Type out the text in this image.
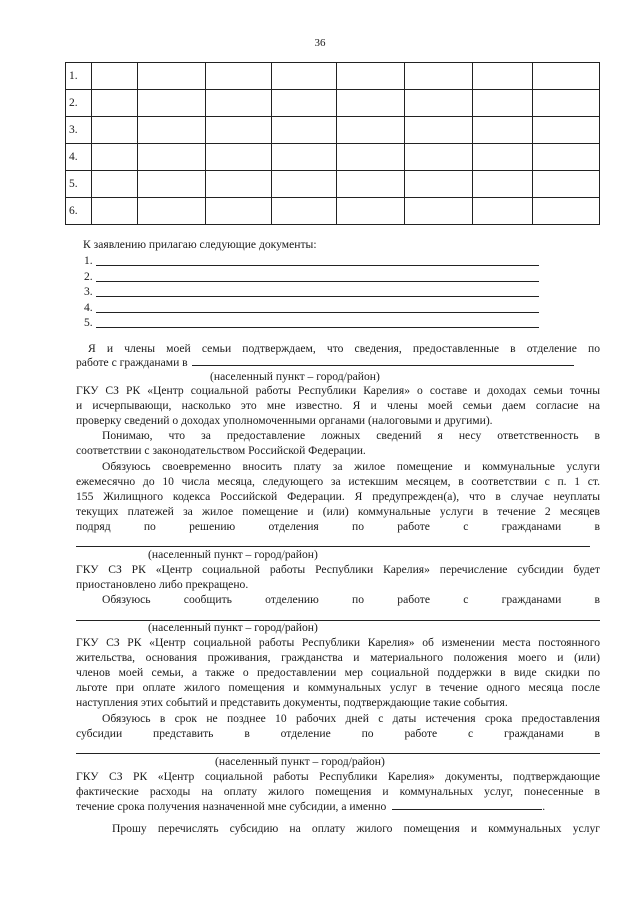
36
1.								
2.								
3.								
4.								
5.								
6.								
К заявлению прилагаю следующие документы:
1.
2.
3.
4.
5.
Я и члены моей семьи подтверждаем, что сведения, предоставленные в отделение по
работе с гражданами в
(населенный пункт – город/район)
ГКУ СЗ РК «Центр социальной работы Республики Карелия» о составе и доходах семьи точны
и исчерпывающи, насколько это мне известно. Я и члены моей семьи даем согласие на
проверку сведений о доходах уполномоченными органами (налоговыми и другими).
Понимаю, что за предоставление ложных сведений я несу ответственность в
соответствии с законодательством Российской Федерации.
Обязуюсь своевременно вносить плату за жилое помещение и коммунальные услуги
ежемесячно до 10 числа месяца, следующего за истекшим месяцем, в соответствии с п. 1 ст.
155 Жилищного кодекса Российской Федерации. Я предупрежден(а), что в случае неуплаты
текущих платежей за жилое помещение и (или) коммунальные услуги в течение 2 месяцев
подряд по решению отделения по работе с гражданами в
(населенный пункт – город/район)
ГКУ СЗ РК «Центр социальной работы Республики Карелия» перечисление субсидии будет
приостановлено либо прекращено.
Обязуюсь сообщить отделению по работе с гражданами в
(населенный пункт – город/район)
ГКУ СЗ РК «Центр социальной работы Республики Карелия» об изменении места постоянного
жительства, основания проживания, гражданства и материального положения моего и (или)
членов моей семьи, а также о предоставлении мер социальной поддержки в виде скидки по
льготе при оплате жилого помещения и коммунальных услуг в течение одного месяца после
наступления этих событий и представить документы, подтверждающие такие события.
Обязуюсь в срок не позднее 10 рабочих дней с даты истечения срока предоставления
субсидии представить в отделение по работе с гражданами в
(населенный пункт – город/район)
ГКУ СЗ РК «Центр социальной работы Республики Карелия» документы, подтверждающие
фактические расходы на оплату жилого помещения и коммунальных услуг, понесенные в
течение срока получения назначенной мне субсидии, а именно	.
Прошу перечислять субсидию на оплату жилого помещения и коммунальных услуг
